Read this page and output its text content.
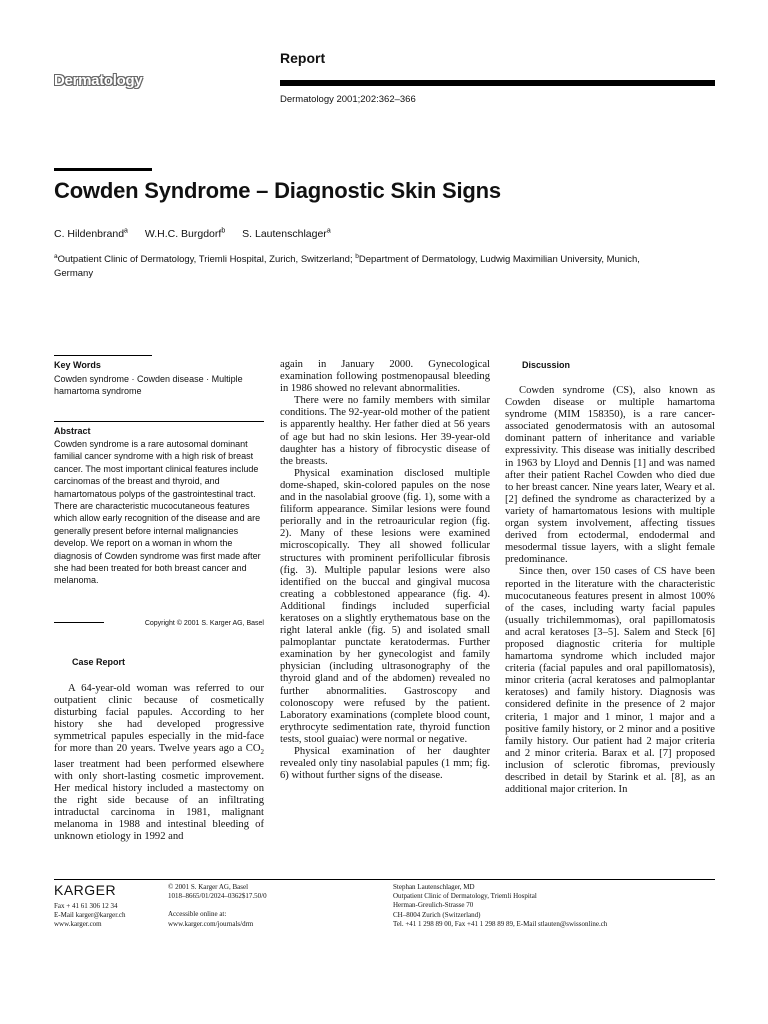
Dermatology
Report
Dermatology 2001;202:362–366
Cowden Syndrome – Diagnostic Skin Signs
C. Hildenbrand$^a$ W.H.C. Burgdorf$^b$ S. Lautenschlager$^a$
$^a$Outpatient Clinic of Dermatology, Triemli Hospital, Zurich, Switzerland; $^b$Department of Dermatology, Ludwig Maximilian University, Munich, Germany
Key Words
Cowden syndrome · Cowden disease · Multiple hamartoma syndrome
Abstract
Cowden syndrome is a rare autosomal dominant familial cancer syndrome with a high risk of breast cancer. The most important clinical features include carcinomas of the breast and thyroid, and hamartomatous polyps of the gastrointestinal tract. There are characteristic mucocutaneous features which allow early recognition of the disease and are generally present before internal malignancies develop. We report on a woman in whom the diagnosis of Cowden syndrome was first made after she had been treated for both breast cancer and melanoma.
Copyright © 2001 S. Karger AG, Basel
Case Report

A 64-year-old woman was referred to our outpatient clinic because of cosmetically disturbing facial papules. According to her history she had developed progressive symmetrical papules especially in the mid-face for more than 20 years. Twelve years ago a $CO_2$ laser treatment had been performed elsewhere with only short-lasting cosmetic improvement. Her medical history included a mastectomy on the right side because of an infiltrating intraductal carcinoma in 1981, malignant melanoma in 1988 and intestinal bleeding of unknown etiology in 1992 and

again in January 2000. Gynecological examination following postmenopausal bleeding in 1986 showed no relevant abnormalities.

There were no family members with similar conditions. The 92-year-old mother of the patient is apparently healthy. Her father died at 56 years of age but had no skin lesions. Her 39-year-old daughter has a history of fibrocystic disease of the breasts.

Physical examination disclosed multiple dome-shaped, skin-colored papules on the nose and in the nasolabial groove (fig. 1), some with a filiform appearance. Similar lesions were found periorally and in the retroauricular region (fig. 2). Many of these lesions were examined microscopically. They all showed follicular structures with prominent perifollicular fibrosis (fig. 3). Multiple papular lesions were also identified on the buccal and gingival mucosa creating a cobblestoned appearance (fig. 4). Additional findings included superficial keratoses on a slightly erythematous base on the right lateral ankle (fig. 5) and isolated small palmoplantar punctate keratodermas. Further examination by her gynecologist and family physician (including ultrasonography of the thyroid gland and of the abdomen) revealed no further abnormalities. Gastroscopy and colonoscopy were refused by the patient. Laboratory examinations (complete blood count, erythrocyte sedimentation rate, thyroid function tests, stool guaiac) were normal or negative.

Physical examination of her daughter revealed only tiny nasolabial papules (1 mm; fig. 6) without further signs of the disease.

Discussion

Cowden syndrome (CS), also known as Cowden disease or multiple hamartoma syndrome (MIM 158350), is a rare cancer-associated genodermatosis with an autosomal dominant pattern of inheritance and variable expressivity. This disease was initially described in 1963 by Lloyd and Dennis [1] and was named after their patient Rachel Cowden who died due to her breast cancer. Nine years later, Weary et al. [2] defined the syndrome as characterized by a variety of hamartomatous lesions with multiple organ system involvement, affecting tissues derived from ectodermal, endodermal and mesodermal tissue layers, with a slight female predominance.

Since then, over 150 cases of CS have been reported in the literature with the characteristic mucocutaneous features present in almost 100% of the cases, including warty facial papules (usually trichilemmomas), oral papillomatosis and acral keratoses [3–5]. Salem and Steck [6] proposed diagnostic criteria for multiple hamartoma syndrome which included major criteria (facial papules and oral papillomatosis), minor criteria (acral keratoses and palmoplantar keratoses) and family history. Diagnosis was considered definite in the presence of 2 major criteria, 1 major and 1 minor, 1 major and a positive family history, or 2 minor and a positive family history. Our patient had 2 major criteria and 2 minor criteria. Barax et al. [7] proposed inclusion of sclerotic fibromas, previously described in detail by Starink et al. [8], as an additional major criterion. In

KARGER
Fax + 41 61 306 12 34
E-Mail karger@karger.ch
www.karger.com
© 2001 S. Karger AG, Basel
1018–8665/01/2024–0362$17.50/0
Accessible online at:
www.karger.com/journals/drm
Stephan Lautenschlager, MD
Outpatient Clinic of Dermatology, Triemli Hospital
Herman-Greulich-Strasse 70
CH–8004 Zurich (Switzerland)
Tel. +41 1 298 89 00, Fax +41 1 298 89 89, E-Mail stlauten@swissonline.ch
